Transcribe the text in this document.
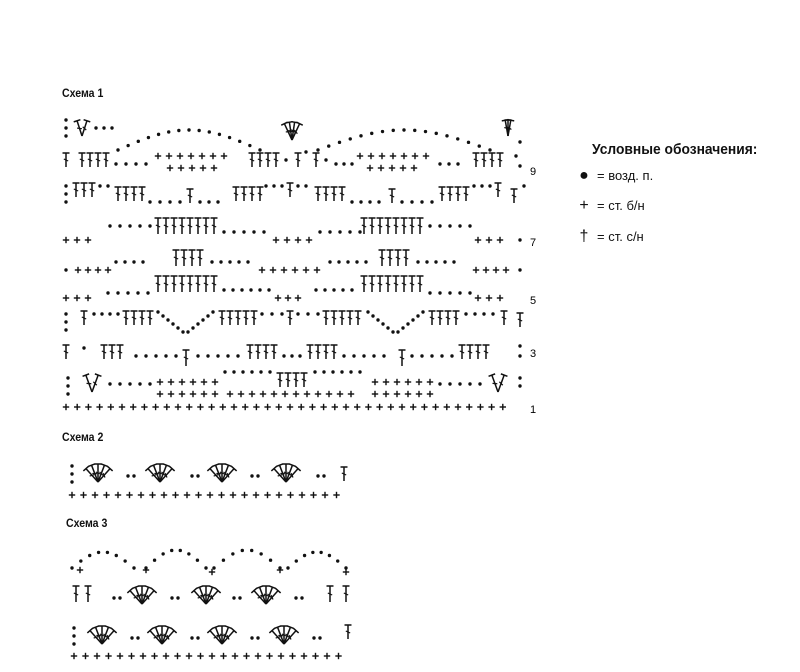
Схема 1
Схема 2
Схема 3
Условные обозначения:
● = возд. п.
+ = ст. б/н
† = ст. с/н
9
7
5
3
1
